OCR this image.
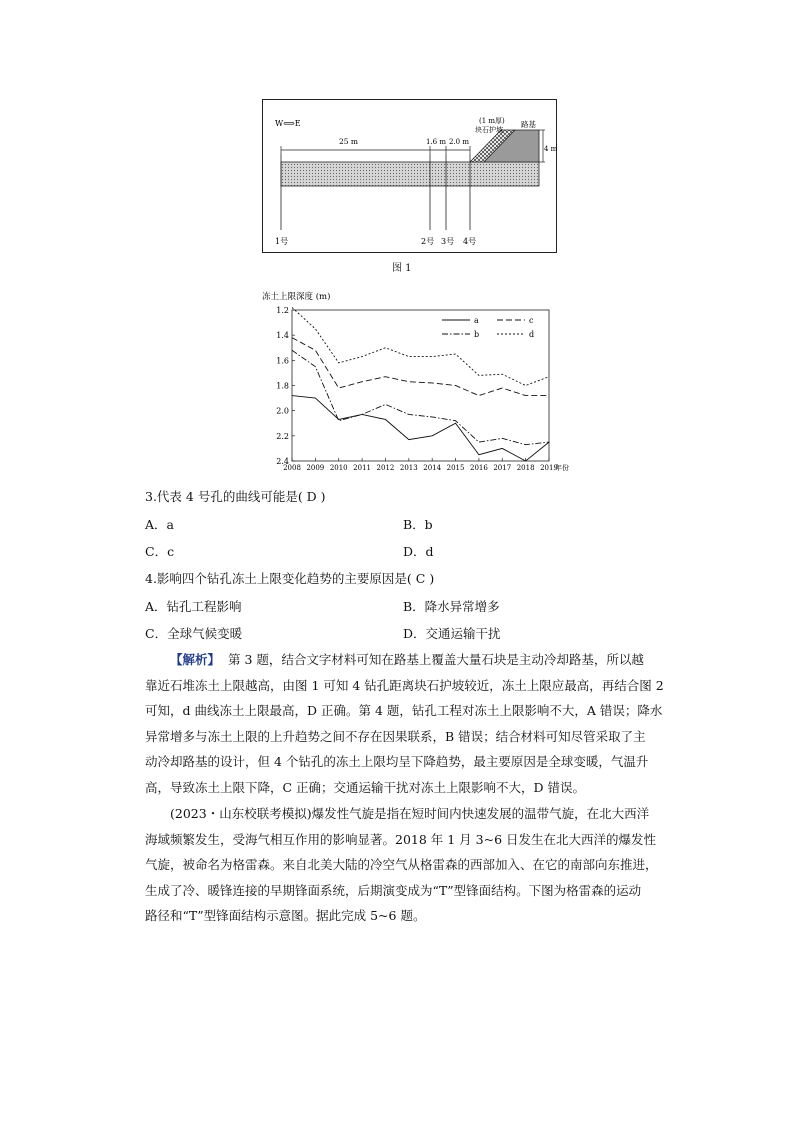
W⟺E
25 m	1.6 m 2.0 m
(1 m厚)
块石护坡
路基
4 m
1号	2号 3号 4号
图 1
冻土上限深度 (m)
1.2
1.4
1.6
1.8
2.0
2.2
2.4
2008 2009 2010 2011 2012 2013 2014 2015 2016 2017 2018 2019
年份
a	c
b	d
3.代表 4 号孔的曲线可能是( D )
A．a	B．b
C．c	D．d
4.影响四个钻孔冻土上限变化趋势的主要原因是( C )
A．钻孔工程影响	B．降水异常增多
C．全球气候变暖	D．交通运输干扰
【解析】 第 3 题，结合文字材料可知在路基上覆盖大量石块是主动冷却路基，所以越
靠近石堆冻土上限越高，由图 1 可知 4 钻孔距离块石护坡较近，冻土上限应最高，再结合图 2
可知，d 曲线冻土上限最高，D 正确。第 4 题，钻孔工程对冻土上限影响不大，A 错误；降水
异常增多与冻土上限的上升趋势之间不存在因果联系，B 错误；结合材料可知尽管采取了主
动冷却路基的设计，但 4 个钻孔的冻土上限均呈下降趋势，最主要原因是全球变暖，气温升
高，导致冻土上限下降，C 正确；交通运输干扰对冻土上限影响不大，D 错误。
(2023・山东校联考模拟)爆发性气旋是指在短时间内快速发展的温带气旋，在北大西洋
海域频繁发生，受海气相互作用的影响显著。2018 年 1 月 3~6 日发生在北大西洋的爆发性
气旋，被命名为格雷森。来自北美大陆的冷空气从格雷森的西部加入、在它的南部向东推进，
生成了冷、暖锋连接的早期锋面系统，后期演变成为“T”型锋面结构。下图为格雷森的运动
路径和“T”型锋面结构示意图。据此完成 5~6 题。
